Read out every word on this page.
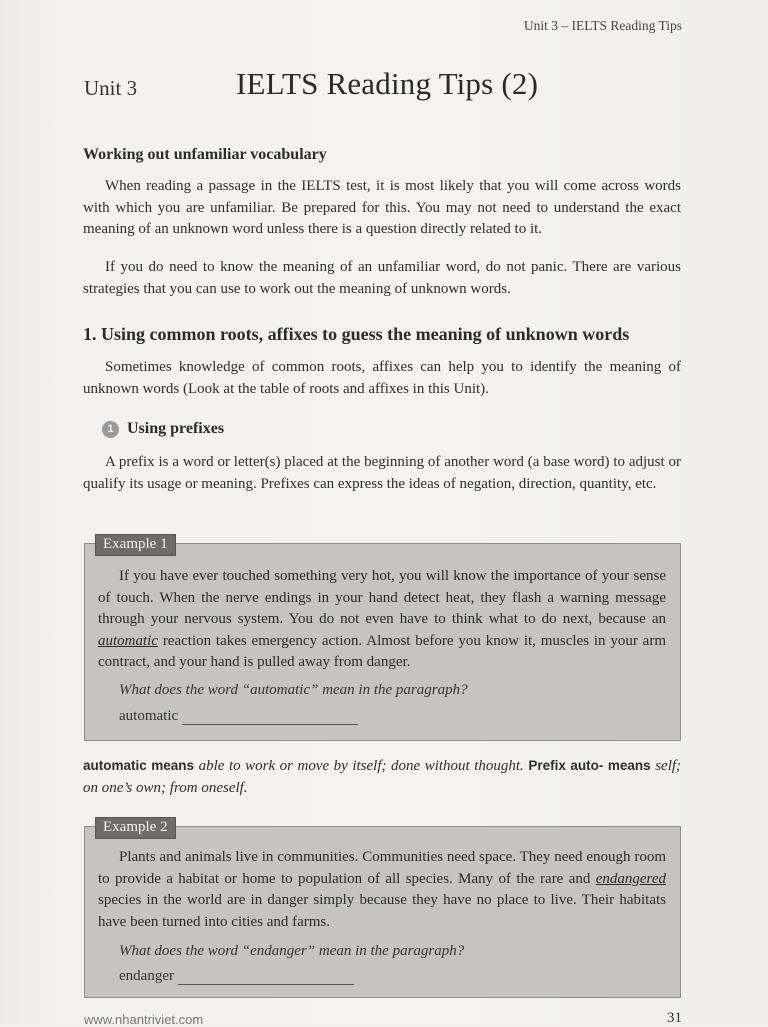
Unit 3 – IELTS Reading Tips
Unit 3	IELTS Reading Tips (2)
Working out unfamiliar vocabulary
When reading a passage in the IELTS test, it is most likely that you will come across words with which you are unfamiliar. Be prepared for this. You may not need to understand the exact meaning of an unknown word unless there is a question directly related to it.
If you do need to know the meaning of an unfamiliar word, do not panic. There are various strategies that you can use to work out the meaning of unknown words.
1. Using common roots, affixes to guess the meaning of unknown words
Sometimes knowledge of common roots, affixes can help you to identify the meaning of unknown words (Look at the table of roots and affixes in this Unit).
1 Using prefixes
A prefix is a word or letter(s) placed at the beginning of another word (a base word) to adjust or qualify its usage or meaning. Prefixes can express the ideas of negation, direction, quantity, etc.
Example 1
If you have ever touched something very hot, you will know the importance of your sense of touch. When the nerve endings in your hand detect heat, they flash a warning message through your nervous system. You do not even have to think what to do next, because an automatic reaction takes emergency action. Almost before you know it, muscles in your arm contract, and your hand is pulled away from danger.
What does the word “automatic” mean in the paragraph?
automatic
automatic means able to work or move by itself; done without thought. Prefix auto- means self; on one’s own; from oneself.
Example 2
Plants and animals live in communities. Communities need space. They need enough room to provide a habitat or home to population of all species. Many of the rare and endangered species in the world are in danger simply because they have no place to live. Their habitats have been turned into cities and farms.
What does the word “endanger” mean in the paragraph?
endanger
www.nhantriviet.com	31
